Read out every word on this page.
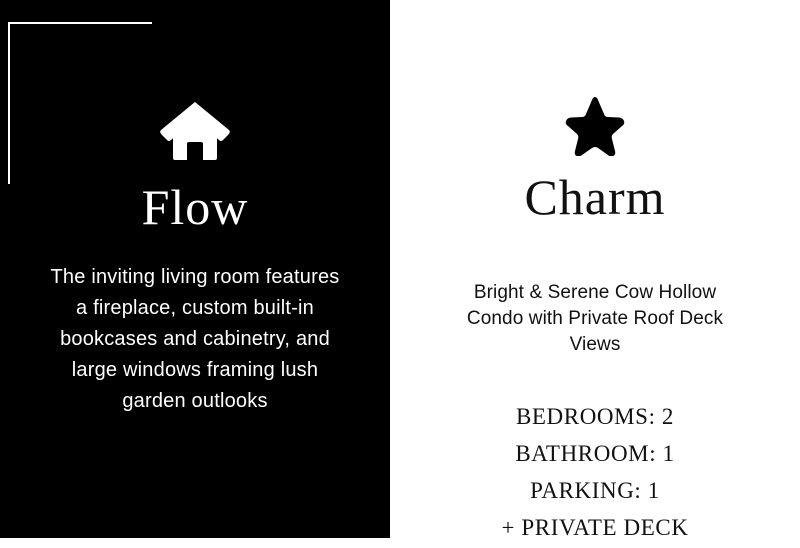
Flow

The inviting living room features a fireplace, custom built-in bookcases and cabinetry, and large windows framing lush garden outlooks

Charm

Bright & Serene Cow Hollow Condo with Private Roof Deck Views

BEDROOMS: 2
BATHROOM: 1
PARKING: 1
+ PRIVATE DECK
